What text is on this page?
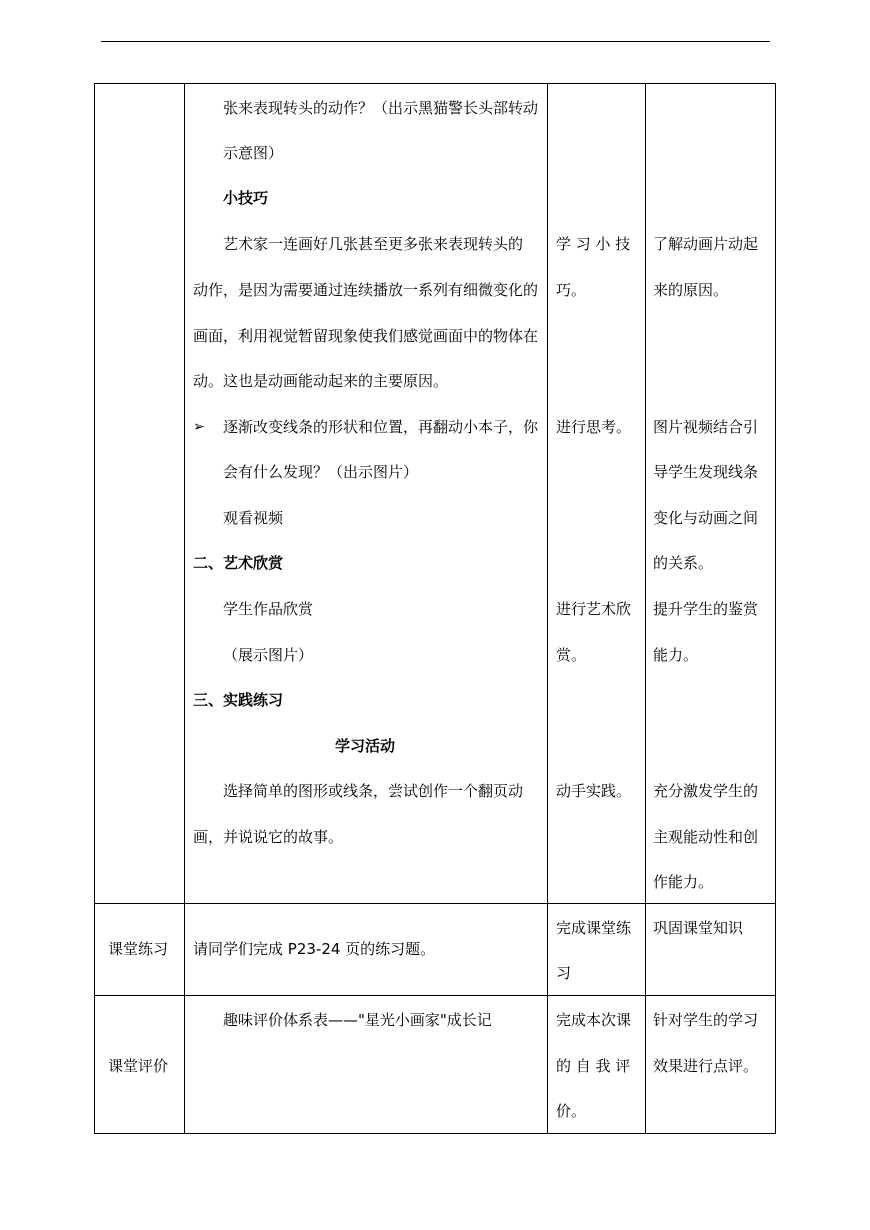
张来表现转头的动作？（出示黑猫警长头部转动
示意图）
小技巧
艺术家一连画好几张甚至更多张来表现转头的
动作，是因为需要通过连续播放一系列有细微变化的
画面，利用视觉暂留现象使我们感觉画面中的物体在
动。这也是动画能动起来的主要原因。
➢ 逐渐改变线条的形状和位置，再翻动小本子，你
会有什么发现？（出示图片）
观看视频
二、艺术欣赏
学生作品欣赏
（展示图片）
三、实践练习
学习活动
选择简单的图形或线条，尝试创作一个翻页动
画，并说说它的故事。
学 习 小 技
巧。
进行思考。
进行艺术欣
赏。
动手实践。
了解动画片动起
来的原因。
图片视频结合引
导学生发现线条
变化与动画之间
的关系。
提升学生的鉴赏
能力。
充分激发学生的
主观能动性和创
作能力。
课堂练习 请同学们完成 P23-24 页的练习题。
完成课堂练
习
巩固课堂知识
课堂评价
趣味评价体系表——"星光小画家"成长记	完成本次课
的 自 我 评
价。
针对学生的学习
效果进行点评。
